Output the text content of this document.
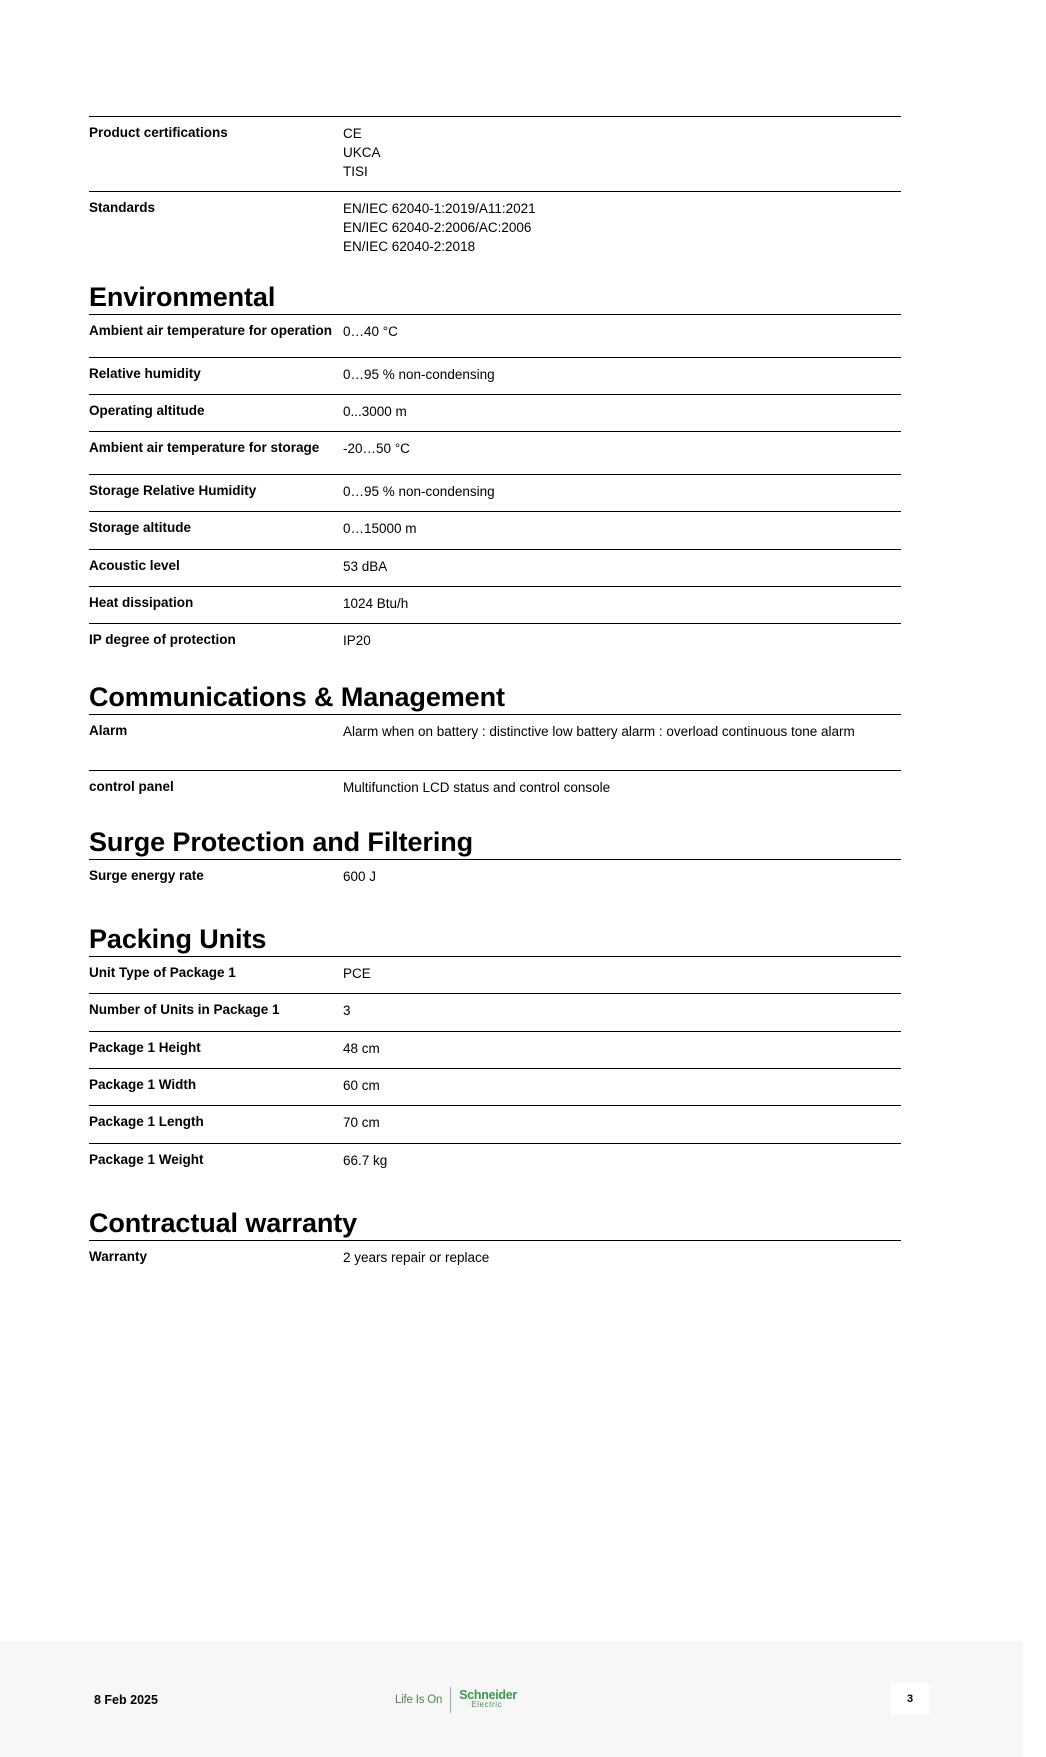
Product certifications	CE
UKCA
TISI
Standards	EN/IEC 62040-1:2019/A11:2021
EN/IEC 62040-2:2006/AC:2006
EN/IEC 62040-2:2018
Environmental
Ambient air temperature for operation 0…40 °C
Relative humidity	0…95 % non-condensing
Operating altitude	0...3000 m
Ambient air temperature for storage	-20…50 °C
Storage Relative Humidity	0…95 % non-condensing
Storage altitude	0…15000 m
Acoustic level	53 dBA
Heat dissipation	1024 Btu/h
IP degree of protection	IP20
Communications & Management
Alarm	Alarm when on battery : distinctive low battery alarm : overload continuous tone alarm
control panel	Multifunction LCD status and control console
Surge Protection and Filtering
Surge energy rate	600 J
Packing Units
Unit Type of Package 1	PCE
Number of Units in Package 1	3
Package 1 Height	48 cm
Package 1 Width	60 cm
Package 1 Length	70 cm
Package 1 Weight	66.7 kg
Contractual warranty
Warranty	2 years repair or replace
8 Feb 2025	Life Is On Schneider
Electric	3
